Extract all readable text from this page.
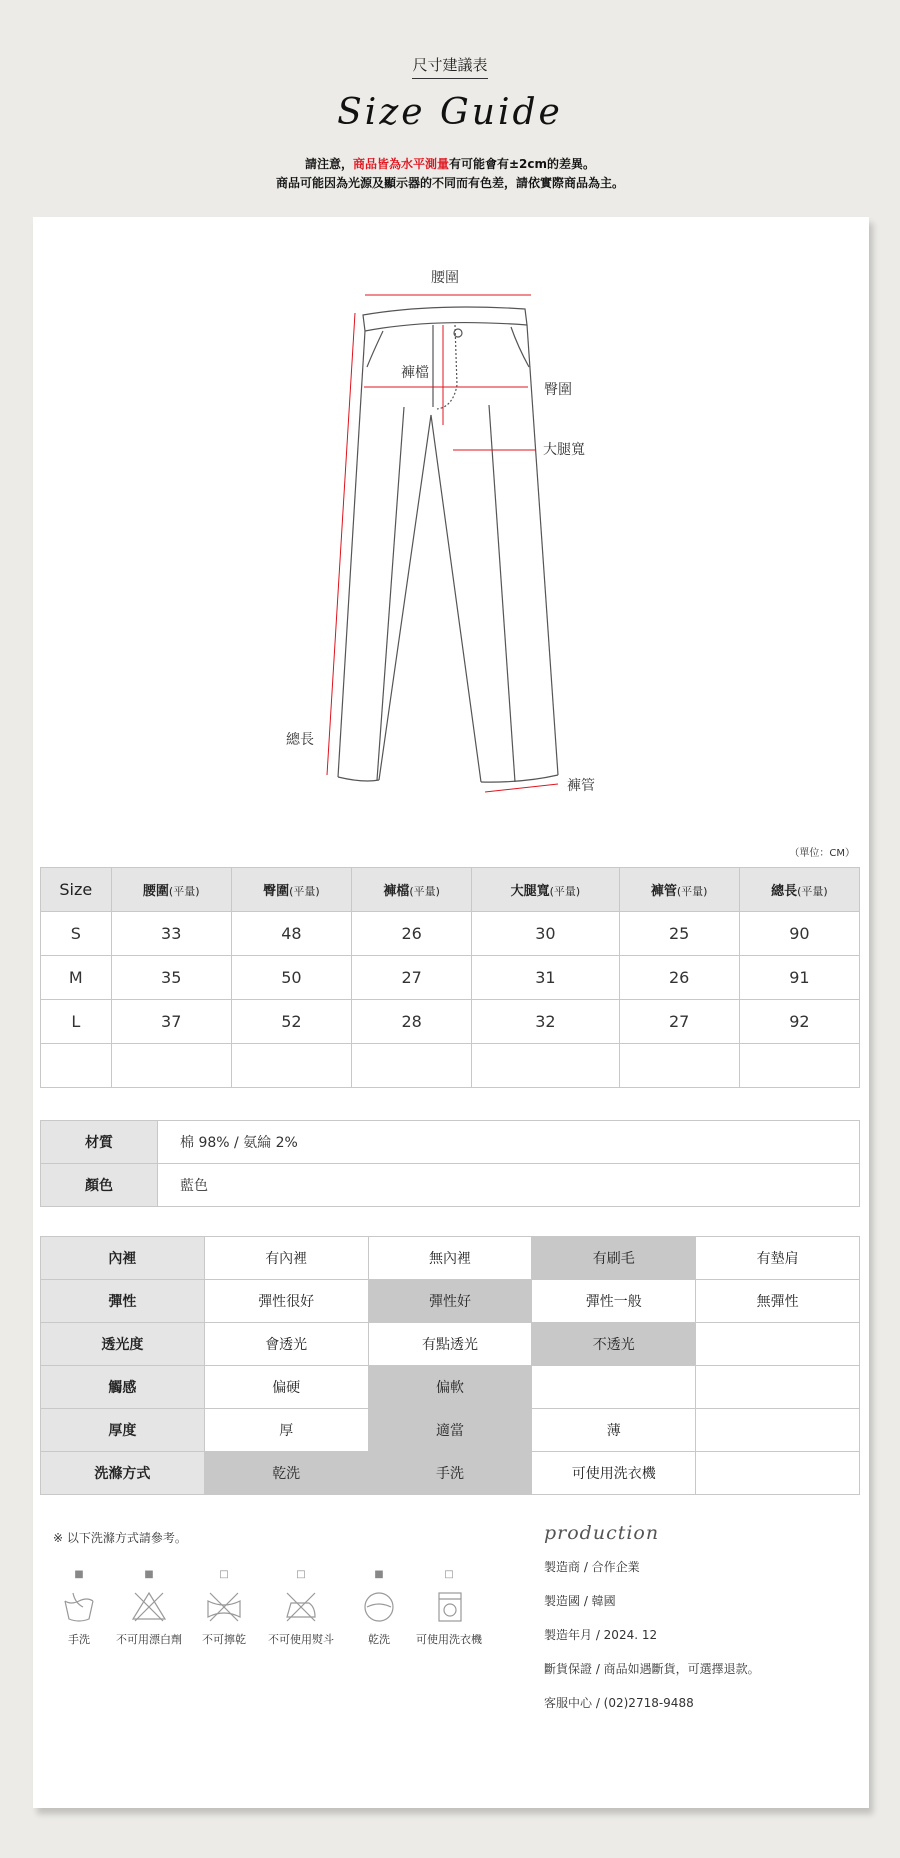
尺寸建議表
Size Guide
請注意，商品皆為水平測量有可能會有±2cm的差異。
商品可能因為光源及顯示器的不同而有色差，請依實際商品為主。
腰圍
褲檔
臀圍
大腿寬
總長
褲管
（單位：CM）
Size	腰圍(平量)	臀圍(平量)	褲檔(平量)	大腿寬(平量)	褲管(平量)	總長(平量)
S	33	48	26	30	25	90
M	35	50	27	31	26	91
L	37	52	28	32	27	92

材質	棉 98% / 氨綸 2%
顏色	藍色
內裡	有內裡	無內裡	有刷毛	有墊肩
彈性	彈性很好	彈性好	彈性一般	無彈性
透光度	會透光	有點透光	不透光	
觸感	偏硬	偏軟		
厚度	厚	適當	薄	
洗滌方式	乾洗	手洗	可使用洗衣機	
※ 以下洗滌方式請參考。
■
手洗
■
不可用漂白劑
□
不可擰乾
□
不可使用熨斗
■
乾洗
□
可使用洗衣機
production
製造商 / 合作企業
製造國 / 韓國
製造年月 / 2024. 12
斷貨保證 / 商品如遇斷貨，可選擇退款。
客服中心 / (02)2718-9488
